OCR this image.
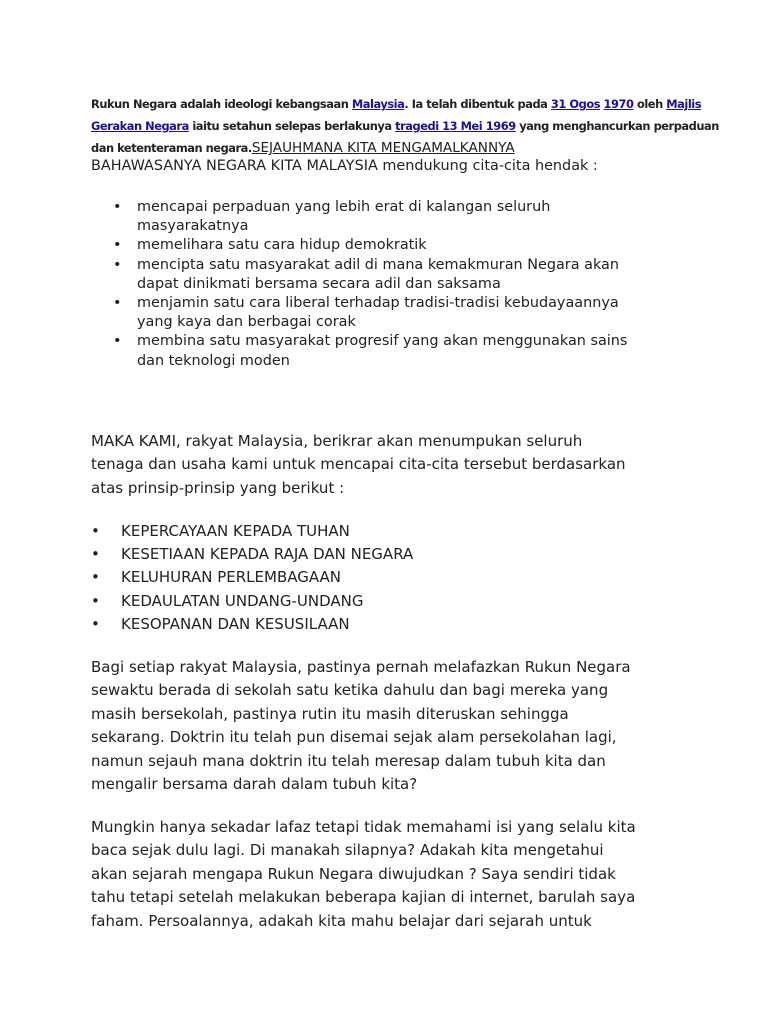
Rukun Negara adalah ideologi kebangsaan Malaysia. Ia telah dibentuk pada 31 Ogos 1970 oleh Majlis
Gerakan Negara iaitu setahun selepas berlakunya tragedi 13 Mei 1969 yang menghancurkan perpaduan
dan ketenteraman negara.SEJAUHMANA KITA MENGAMALKANNYA
BAHAWASANYA NEGARA KITA MALAYSIA mendukung cita-cita hendak :
• mencapai perpaduan yang lebih erat di kalangan seluruh
masyarakatnya
• memelihara satu cara hidup demokratik
• mencipta satu masyarakat adil di mana kemakmuran Negara akan
dapat dinikmati bersama secara adil dan saksama
• menjamin satu cara liberal terhadap tradisi-tradisi kebudayaannya
yang kaya dan berbagai corak
• membina satu masyarakat progresif yang akan menggunakan sains
dan teknologi moden
MAKA KAMI, rakyat Malaysia, berikrar akan menumpukan seluruh
tenaga dan usaha kami untuk mencapai cita-cita tersebut berdasarkan
atas prinsip-prinsip yang berikut :
• KEPERCAYAAN KEPADA TUHAN
• KESETIAAN KEPADA RAJA DAN NEGARA
• KELUHURAN PERLEMBAGAAN
• KEDAULATAN UNDANG-UNDANG
• KESOPANAN DAN KESUSILAAN
Bagi setiap rakyat Malaysia, pastinya pernah melafazkan Rukun Negara
sewaktu berada di sekolah satu ketika dahulu dan bagi mereka yang
masih bersekolah, pastinya rutin itu masih diteruskan sehingga
sekarang. Doktrin itu telah pun disemai sejak alam persekolahan lagi,
namun sejauh mana doktrin itu telah meresap dalam tubuh kita dan
mengalir bersama darah dalam tubuh kita?
Mungkin hanya sekadar lafaz tetapi tidak memahami isi yang selalu kita
baca sejak dulu lagi. Di manakah silapnya? Adakah kita mengetahui
akan sejarah mengapa Rukun Negara diwujudkan ? Saya sendiri tidak
tahu tetapi setelah melakukan beberapa kajian di internet, barulah saya
faham. Persoalannya, adakah kita mahu belajar dari sejarah untuk
